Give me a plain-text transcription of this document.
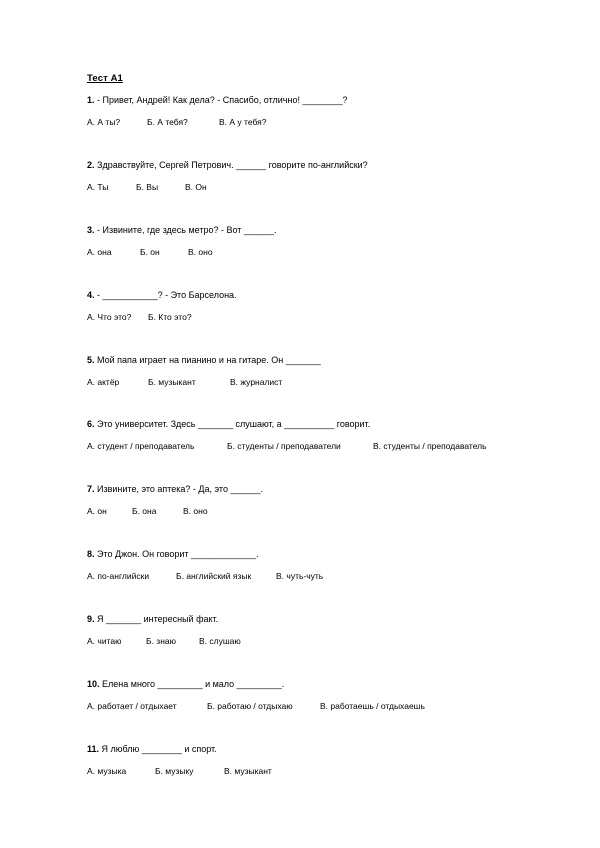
Тест А1
1. - Привет, Андрей! Как дела? - Спасибо, отлично! ________?
А. А ты?	Б. А тебя?	В. А у тебя?
2. Здравствуйте, Сергей Петрович. ______ говорите по-английски?
А. Ты	Б. Вы	В. Он
3. - Извините, где здесь метро? - Вот ______.
А. она	Б. он	В. оно
4. - ___________? - Это Барселона.
А. Что это? Б. Кто это?
5. Мой папа играет на пианино и на гитаре. Он _______
А. актёр	Б. музыкант	В. журналист
6. Это университет. Здесь _______ слушают, а __________ говорит.
А. студент / преподаватель	Б. студенты / преподаватели	В. студенты / преподаватель
7. Извините, это аптека? - Да, это ______.
А. он	Б. она	В. оно
8. Это Джон. Он говорит _____________.
А. по-английски	Б. английский язык	В. чуть-чуть
9. Я _______ интересный факт.
А. читаю	Б. знаю	В. слушаю
10. Елена много _________ и мало _________.
А. работает / отдыхает	Б. работаю / отдыхаю	В. работаешь / отдыхаешь
11. Я люблю ________ и спорт.
А. музыка	Б. музыку	В. музыкант
